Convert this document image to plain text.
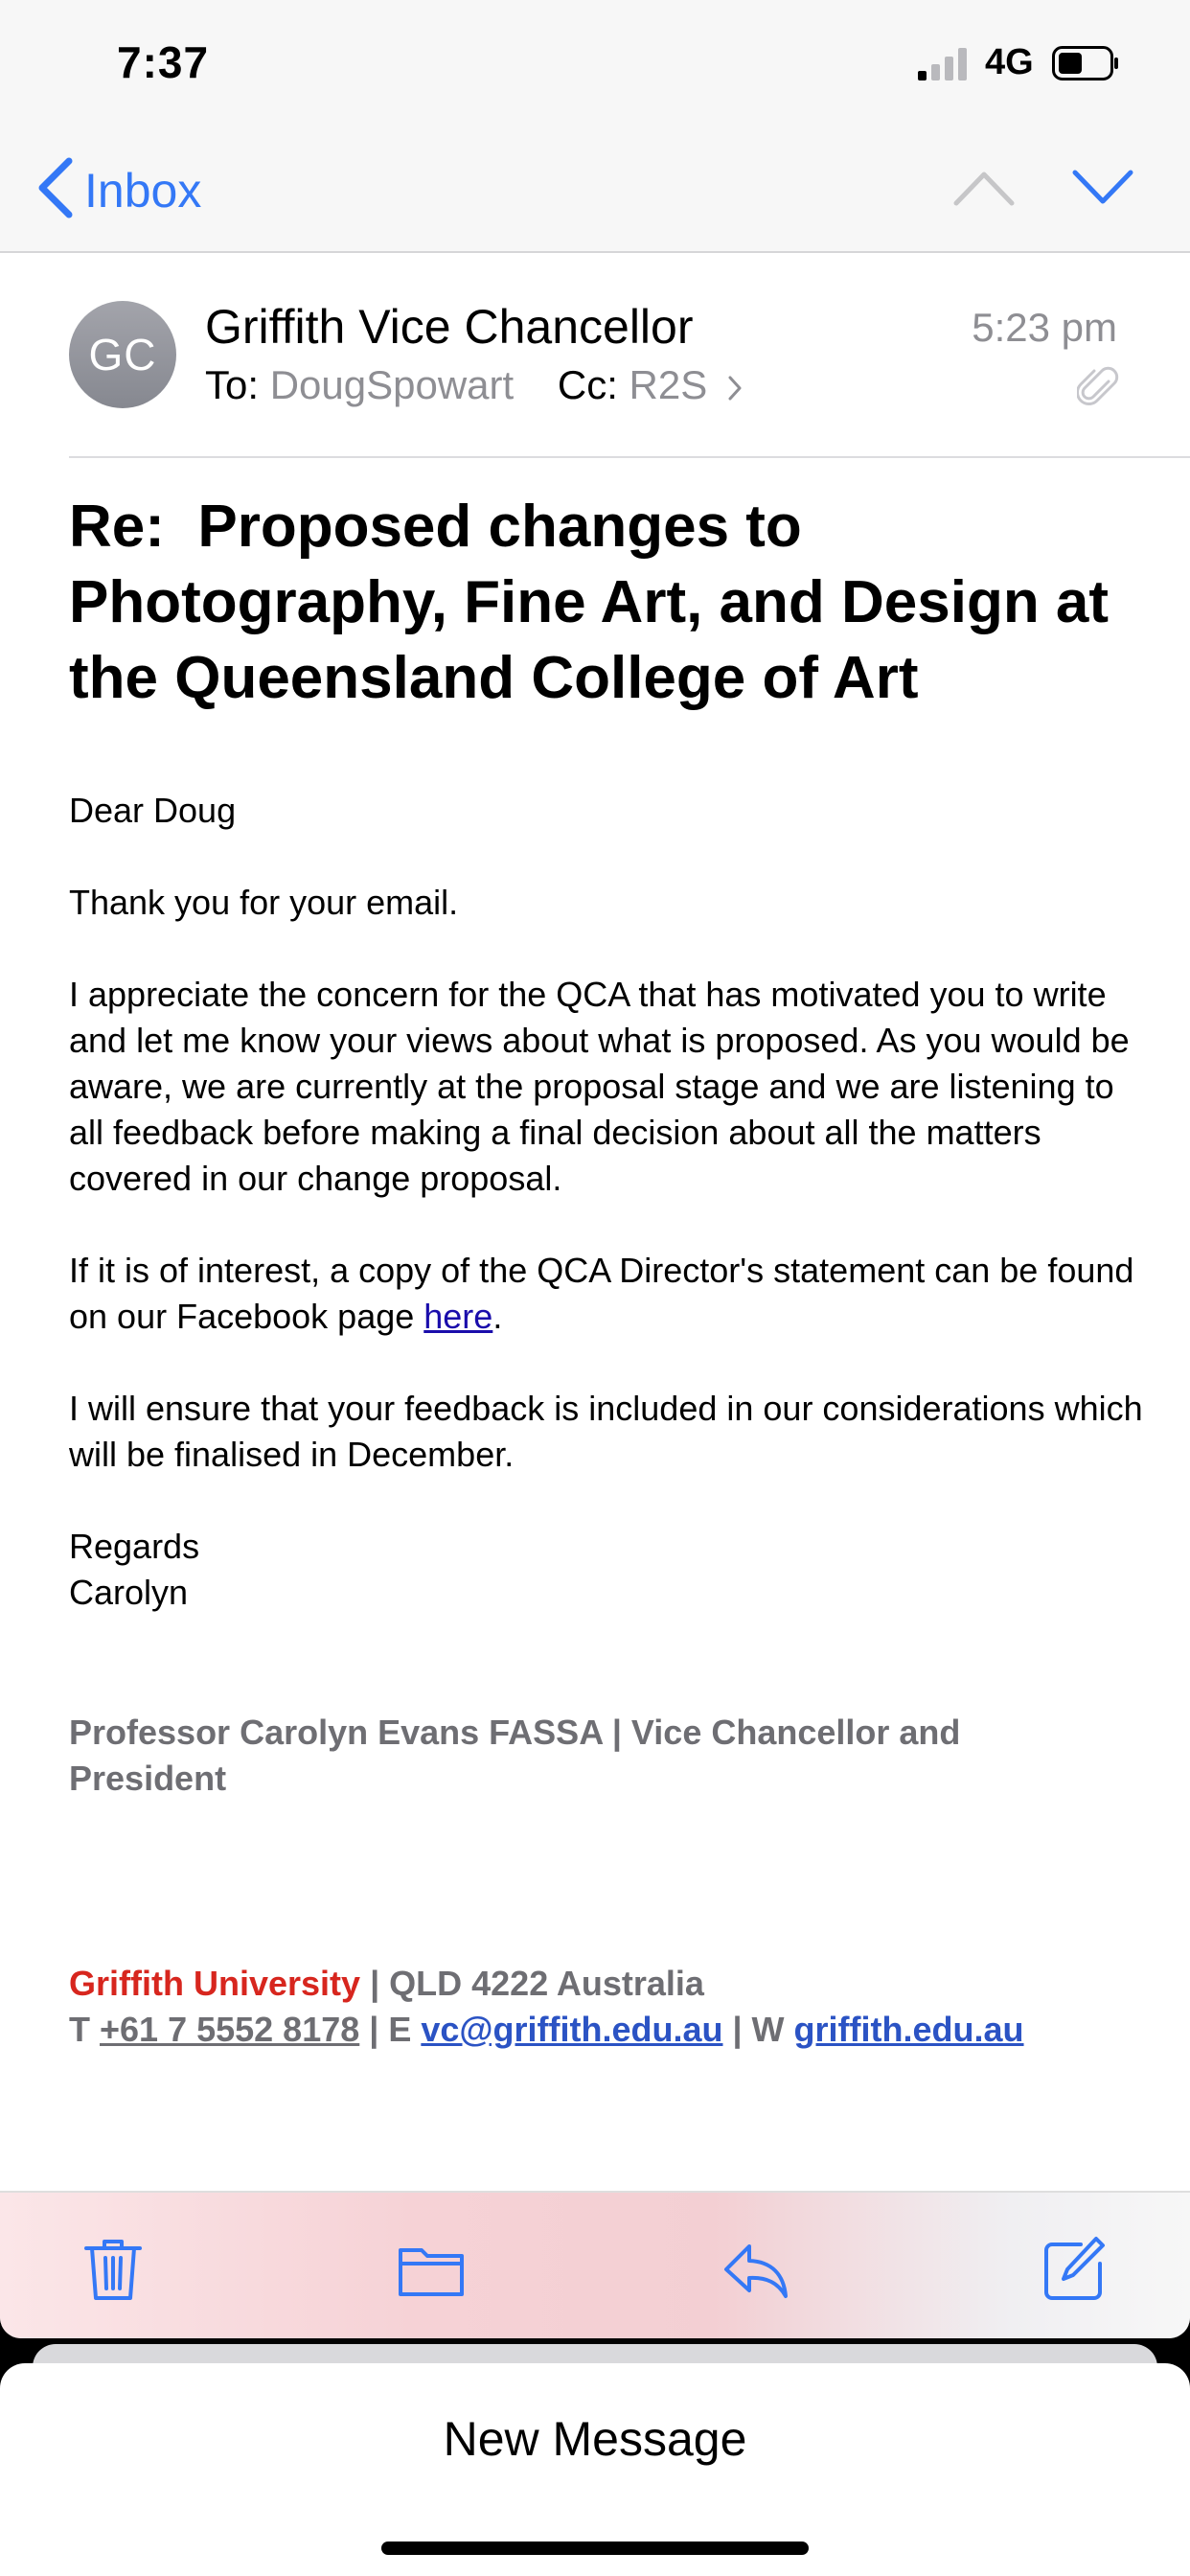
7:37	4G
Inbox
GC
Griffith Vice Chancellor
To: DougSpowart Cc: R2S
5:23 pm
Re:  Proposed changes to Photography, Fine Art, and Design at the Queensland College of Art
Dear Doug
Thank you for your email.
I appreciate the concern for the QCA that has motivated you to write and let me know your views about what is proposed. As you would be aware, we are currently at the proposal stage and we are listening to all feedback before making a final decision about all the matters covered in our change proposal.
If it is of interest, a copy of the QCA Director's statement can be found on our Facebook page here.
I will ensure that your feedback is included in our considerations which will be finalised in December.
Regards
Carolyn
Professor Carolyn Evans FASSA | Vice Chancellor and President
Griffith University | QLD 4222 Australia
T +61 7 5552 8178 | E vc@griffith.edu.au | W griffith.edu.au
New Message
